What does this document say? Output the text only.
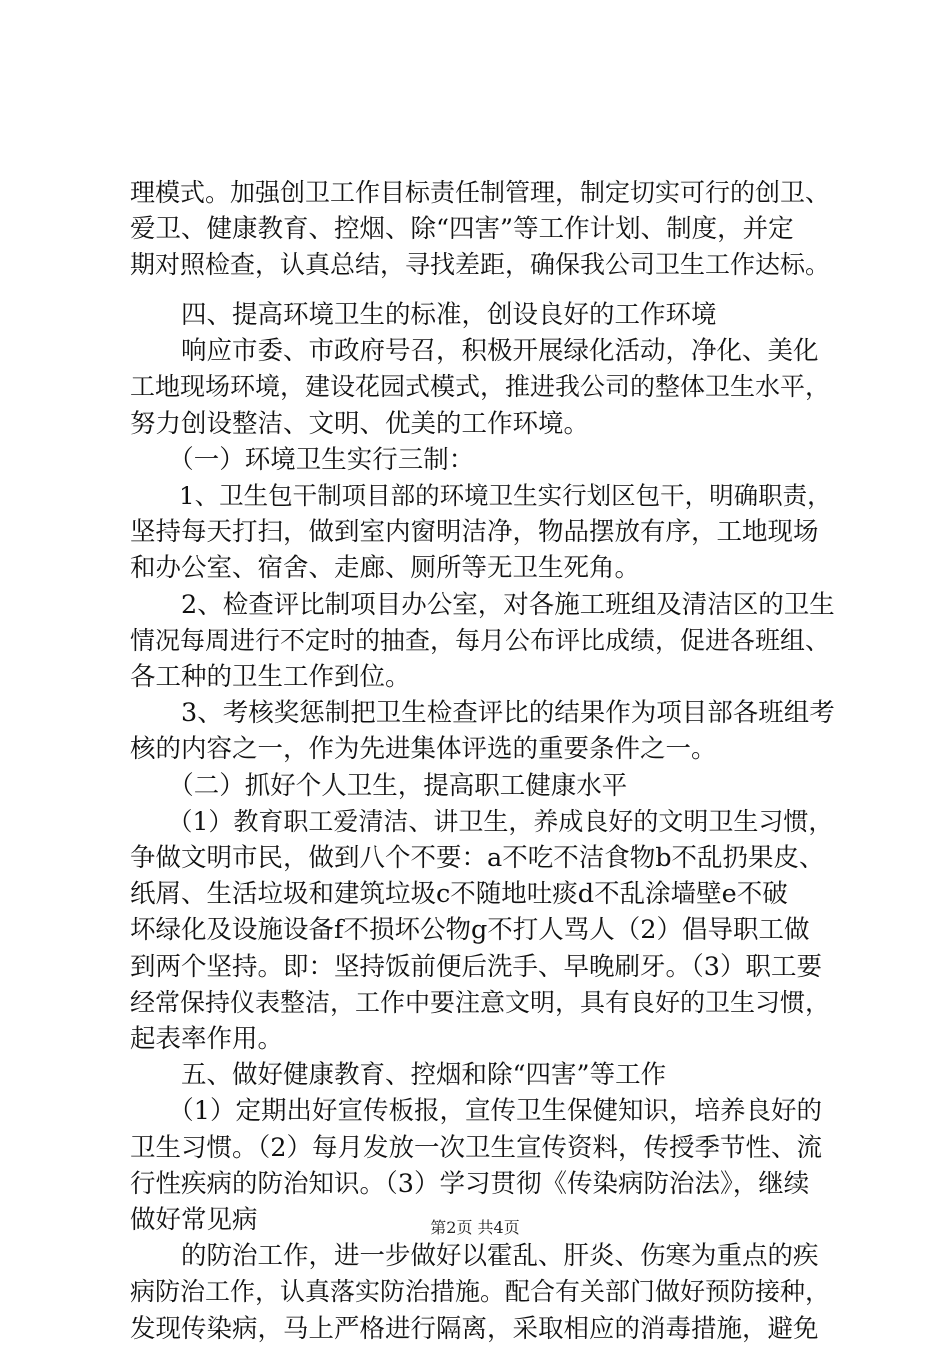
理模式。加强创卫工作目标责任制管理，制定切实可行的创卫、
爱卫、健康教育、控烟、除“四害”等工作计划、制度，并定
期对照检查，认真总结，寻找差距，确保我公司卫生工作达标。
　　四、提高环境卫生的标准，创设良好的工作环境
　　响应市委、市政府号召，积极开展绿化活动，净化、美化
工地现场环境，建设花园式模式，推进我公司的整体卫生水平，
努力创设整洁、文明、优美的工作环境。
　　（一）环境卫生实行三制：
　　1、卫生包干制项目部的环境卫生实行划区包干，明确职责，
坚持每天打扫，做到室内窗明洁净，物品摆放有序，工地现场
和办公室、宿舍、走廊、厕所等无卫生死角。
　　2、检查评比制项目办公室，对各施工班组及清洁区的卫生
情况每周进行不定时的抽查，每月公布评比成绩，促进各班组、
各工种的卫生工作到位。
　　3、考核奖惩制把卫生检查评比的结果作为项目部各班组考
核的内容之一，作为先进集体评选的重要条件之一。
　　（二）抓好个人卫生，提高职工健康水平
　　（1）教育职工爱清洁、讲卫生，养成良好的文明卫生习惯，
争做文明市民，做到八个不要：a不吃不洁食物b不乱扔果皮、
纸屑、生活垃圾和建筑垃圾c不随地吐痰d不乱涂墙壁e不破
坏绿化及设施设备f不损坏公物g不打人骂人（2）倡导职工做
到两个坚持。即：坚持饭前便后洗手、早晚刷牙。（3）职工要
经常保持仪表整洁，工作中要注意文明，具有良好的卫生习惯，
起表率作用。
　　五、做好健康教育、控烟和除“四害”等工作
　　（1）定期出好宣传板报，宣传卫生保健知识，培养良好的
卫生习惯。（2）每月发放一次卫生宣传资料，传授季节性、流
行性疾病的防治知识。（3）学习贯彻《传染病防治法》，继续
做好常见病
　　的防治工作，进一步做好以霍乱、肝炎、伤寒为重点的疾
病防治工作，认真落实防治措施。配合有关部门做好预防接种，
发现传染病，马上严格进行隔离，采取相应的消毒措施，避免
第2页 共4页
